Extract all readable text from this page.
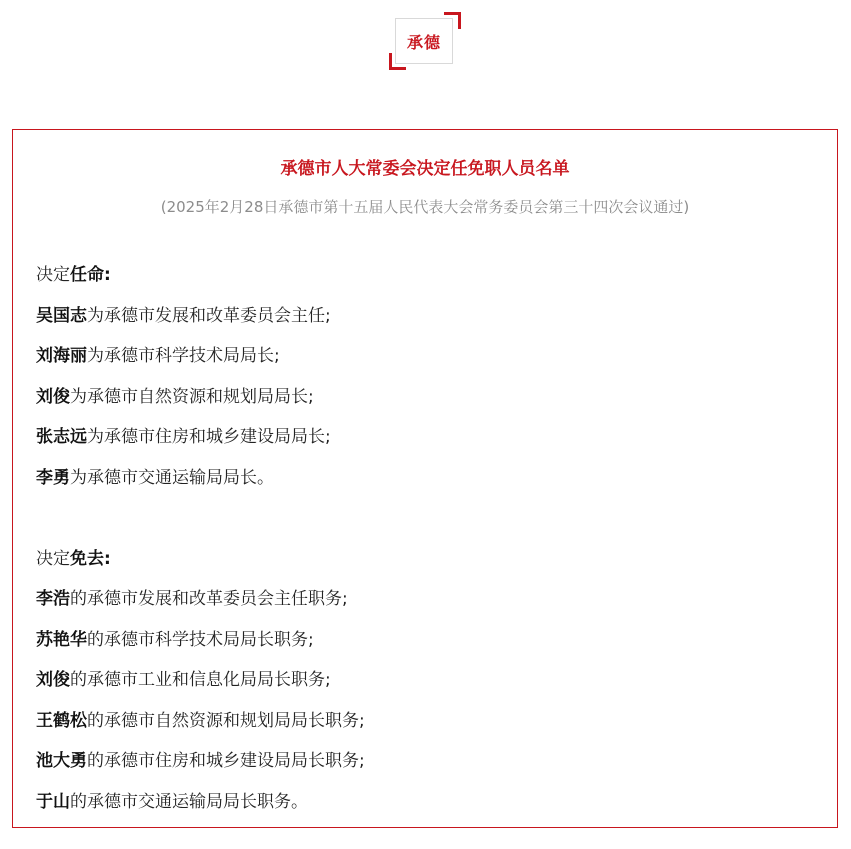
承德
承德市人大常委会决定任免职人员名单

(2025年2月28日承德市第十五届人民代表大会常务委员会第三十四次会议通过)

决定任命:

吴国志为承德市发展和改革委员会主任;

刘海丽为承德市科学技术局局长;

刘俊为承德市自然资源和规划局局长;

张志远为承德市住房和城乡建设局局长;

李勇为承德市交通运输局局长。

决定免去:

李浩的承德市发展和改革委员会主任职务;

苏艳华的承德市科学技术局局长职务;

刘俊的承德市工业和信息化局局长职务;

王鹤松的承德市自然资源和规划局局长职务;

池大勇的承德市住房和城乡建设局局长职务;

于山的承德市交通运输局局长职务。
